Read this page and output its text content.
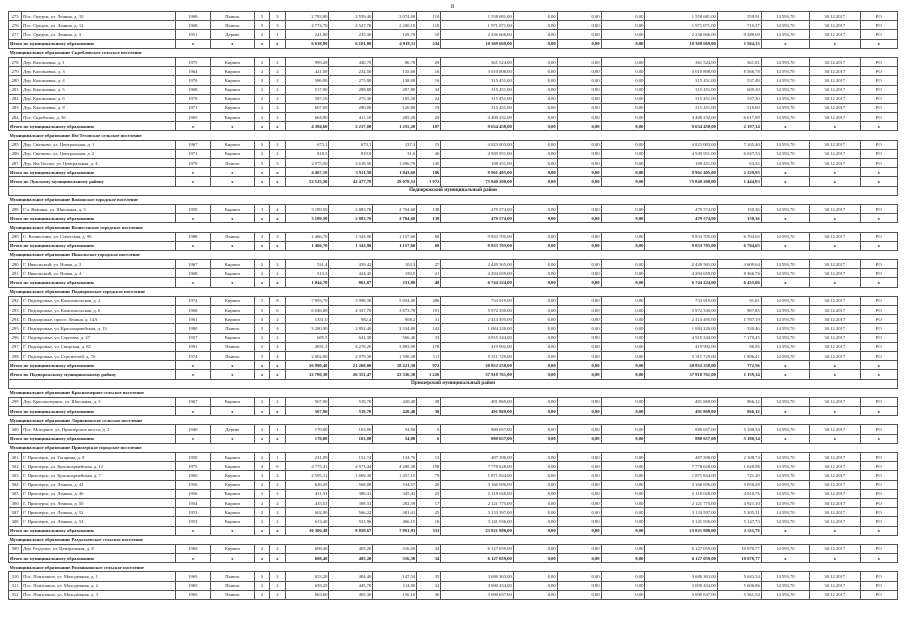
8
275	Пос. Оредеж, ул. Ленина, д. 10	1968	Панель	5	3	2 783,80	2 559,40	2 074,00	110	1 558 681,00	0,00	0,00	0,00	1 558 681,00	559,91	14 593,70	30.12.2017	РО
276	Пос. Оредеж, ул. Ленина, д. 12	1968	Панель	5	3	2 774,70	2 547,70	2 200,10	110	1 971 071,00	0,00	0,00	0,00	1 971 071,00	710,37	14 593,70	30.12.2017	РО
277	Пос. Оредеж, ул. Ленина, д. 3	1951	Дерево	2	1	241,00	235,30	129,70	10	2 236 666,00	0,00	0,00	0,00	2 236 666,00	9 280,69	14 593,70	30.12.2017	РО
Итого по муниципальному образованию		x	x	x	x	6 638,80	6 101,00	4 918,11	234	10 369 669,00	0,00	0,00	0,00	10 369 669,00	1 564,33	x	x	x
Муниципальное образование Скребловское сельское поселение																		
278	Дер. Калгановка, д. 1	1975	Кирпич	2	2	999,20	440,70	86,70	29	361 524,00	0,00	0,00	0,00	361 524,00	361,81	14 593,70	30.12.2017	РО
279	Дер. Калгановка, д. 3	1964	Кирпич	2	2	421,50	234,50	135,60	16	3 610 898,00	0,00	0,00	0,00	3 610 898,00	8 566,78	14 593,70	30.12.2017	РО
280	Дер. Калгановка, д. 4	1970	Кирпич	2	2	586,90	275,90	138,00	16	315 451,00	0,00	0,00	0,00	315 451,00	537,49	14 593,70	30.12.2017	РО
281	Дер. Калгановка, д. 5	1968	Кирпич	2	2	517,90	288,80	297,80	34	315 451,00	0,00	0,00	0,00	315 451,00	609,10	14 593,70	30.12.2017	РО
282	Дер. Калгановка, д. 6	1970	Кирпич	2	2	587,10	275,30	185,50	24	315 451,00	0,00	0,00	0,00	315 451,00	537,30	14 593,70	30.12.2017	РО
283	Дер. Калгановка, д. 8	1971	Кирпич	2	2	607,00	290,00	126,80	19	315 451,00	0,00	0,00	0,00	315 451,00	519,69	14 593,70	30.12.2017	РО
284	Пос. Скреблово, д. 36	1965	Кирпич	2	2	664,90	411,10	285,20	29	4 400 232,00	0,00	0,00	0,00	4 400 232,00	6 617,89	14 593,70	30.12.2017	РО
Итого по муниципальному образованию		x	x	x	x	4 384,60	2 237,00	1 255,20	187	9 634 458,00	0,00	0,00	0,00	9 634 458,00	2 197,34	x	x	x
Муниципальное образование Ям-Тесовское сельское поселение																		
285	Дер. Сватково, ул. Центральная, д. 1	1967	Кирпич	2	2	673,1	673,1	137,3	15	4 823 003,00	0,00	0,00	0,00	4 823 003,00	7 165,40	14 593,70	30.12.2017	РО
286	Дер. Сватково, ул. Центральная, д. 2	1971	Кирпич	2	2	818,5	819,9	31,6	26	4 949 951,00	0,00	0,00	0,00	4 949 951,00	6 047,53	14 593,70	30.12.2017	РО
287	Дер. Ям-Тесово, ул. Центральная, д. 4	1970	Панель	5	3	2 975,50	2 618,50	1 696,70	145	188 451,00	0,00	0,00	0,00	188 451,00	63,32	14 593,70	30.12.2017	РО
Итого по муниципальному образованию		x	x	x	x	4 467,10	3 911,50	1 843,60	186	9 961 405,00	0,00	0,00	0,00	9 961 405,00	2 229,95	x	x	x
Итого по Лужскому муниципальному району		x	x	x	x	52 525,20	42 477,78	29 078,52	1 972	75 840 200,00	0,00	0,00	0,00	75 840 200,00	1 444,03	x	x	x
Подпорожский муниципальный район																		
Муниципальное образование Важинское городское поселение																		
288	Г.п. Важины, ул. Школьная, д. 3	1959	Кирпич	3	4	3 189,50	2 883,70	2 704,60	138	479 574,00	0,00	0,00	0,00	479 574,00	150,36	14 593,70	30.12.2017	РО
Итого по муниципальному образованию		x	x	x	x	3 189,50	2 883,70	2 704,60	138	479 574,00	0,00	0,00	0,00	479 574,00	150,36	x	x	x
Муниципальное образование Вознесенское городское поселение																		
289	С. Вознесенье, ул. Советская, д. 96	1988	Панель	3	3	1 466,70	1 343,90	1 157,60	68	9 833 705,00	0,00	0,00	0,00	9 833 705,00	6 704,65	14 593,70	30.12.2017	РО
Итого по муниципальному образованию		x	x	x	x	1 466,70	1 343,90	1 157,60	68	9 833 705,00	0,00	0,00	0,00	9 833 705,00	6 704,65	x	x	x
Муниципальное образование Никольское городское поселение																		
290	Г. Никольский, ул. Новая, д. 2	1967	Кирпич	2	2	531,4	439,42	103,3	27	2 449 565,00	0,00	0,00	0,00	2 449 565,00	4 609,64	14 593,70	30.12.2017	РО
291	Г. Никольский, ул. Новая, д. 4	1968	Кирпич	2	2	513,3	424,45	150,5	21	4 294 659,00	0,00	0,00	0,00	4 294 659,00	8 366,76	14 593,70	30.12.2017	РО
Итого по муниципальному образованию		x	x	x	x	1 044,70	863,87	253,80	48	6 744 224,00	0,00	0,00	0,00	6 744 224,00	6 455,66	x	x	x
Муниципальное образование Подпорожское городское поселение																		
292	Г. Подпорожье, ул. Комсомольская, д. 2	1972	Кирпич	5	8	7 993,70	5 998,30	5 054,00	286	733 919,00	0,00	0,00	0,00	733 919,00	91,81	14 593,70	30.12.2017	РО
293	Г. Подпорожье, ул. Комсомольская, д. 6	1968	Кирпич	5	6	6 046,00	4 357,70	3 873,70	191	5 972 330,00	0,00	0,00	0,00	5 972 330,00	987,83	14 593,70	30.12.2017	РО
294	Г. Подпорожье, просп. Ленина, д. 14А	1961	Кирпич	3	2	1351,0	982,4	908,2	31	2 414 495,00	0,00	0,00	0,00	2 414 495,00	1 787,19	14 593,70	30.12.2017	РО
295	Г. Подпорожье, ул. Красноармейская, д. 13	1980	Панель	5	4	3 280,90	2 892,40	2 334,80	142	1 084 220,00	0,00	0,00	0,00	1 084 220,00	330,46	14 593,70	30.12.2017	РО
296	Г. Подпорожье, ул. Сергеева, д. 27	1957	Кирпич	2	2	685,5	641,30	566,40	33	4 915 344,00	0,00	0,00	0,00	4 915 344,00	7 170,45	14 593,70	30.12.2017	РО
297	Г. Подпорожье, ул. Свирская, д. 82	1991	Панель	5	4	4831,5	4 278,20	3 893,90	178	419 992,00	0,00	0,00	0,00	419 992,00	86,93	14 593,70	30.12.2017	РО
298	Г. Подпорожье, ул. Строителей, д. 76	1974	Панель	5	4	2 802,00	2 079,30	1 590,30	111	5 311 729,00	0,00	0,00	0,00	5 311 729,00	1 896,41	14 593,70	30.12.2017	РО
Итого по муниципальному образованию		x	x	x	x	26 990,40	21 260,00	18 221,30	972	20 852 258,00	0,00	0,00	0,00	20 852 258,00	772,56	x	x	x
Итого по Подпорожскому муниципальному району		x	x	x	x	32 700,30	26 351,47	22 336,30	1 226	37 910 761,00	0,00	0,00	0,00	37 910 761,00	1 159,34	x	x	x
Приозерский муниципальный район																		
Муниципальное образование Красноозерное сельское поселение																		
299	Дер. Красноозерное, ул. Школьная, д. 3	1967	Кирпич	2	2	567,90	519,70	420,40	38	491 869,00	0,00	0,00	0,00	491 869,00	866,12	14 593,70	30.12.2017	РО
Итого по муниципальному образованию		x	x	x	x	567,90	519,70	420,40	38	491 869,00	0,00	0,00	0,00	491 869,00	866,12	x	x	x
Муниципальное образование Ларионовское сельское поселение																		
300	Пос. Моторное, ул. Приозёрское шоссе, д. 2	1940	Дерево	2	1	170,00	163,00	54,00	6	880 657,00	0,00	0,00	0,00	880 657,00	5 180,34	14 593,70	30.12.2017	РО
Итого по муниципальному образованию		x	x	x	x	170,00	163,00	54,00	6	880 657,00	0,00	0,00	0,00	880 657,00	5 180,34	x	x	x
Муниципальное образование Приозерское городское поселение																		
301	Г. Приозерск, ул. Гагарина, д. 9	1950	Кирпич	2	1	231,09	152,74	124,76	13	487 390,00	0,00	0,00	0,00	487 390,00	2 108,74	14 593,70	30.12.2017	РО
302	Г. Приозерск, ул. Красноармейская, д. 12	1975	Кирпич	4	6	4 775,41	4 573,44	4 288,38	198	7 778 628,00	0,00	0,00	0,00	7 778 628,00	1 628,98	14 593,70	30.12.2017	РО
303	Г. Приозерск, ул. Красноармейская, д. 7	1960	Кирпич	3	2	2 595,12	1 669,30	1 457,15	79	1 871 834,00	0,00	0,00	0,00	1 871 834,00	721,29	14 593,70	30.12.2017	РО
304	Г. Приозерск, ул. Ленина, д. 44	1956	Кирпич	2	2	626,29	568,08	534,57	20	3 166 696,00	0,00	0,00	0,00	3 166 696,00	5 056,28	14 593,70	30.12.2017	РО
305	Г. Приозерск, ул. Ленина, д. 46	1956	Кирпич	2	2	431,31	388,41	345,42	25	2 118 028,00	0,00	0,00	0,00	2 118 028,00	4 910,76	14 593,70	30.12.2017	РО
306	Г. Приозерск, ул. Ленина, д. 50	1954	Кирпич	2	2	435,53	388,31	282,39	17	2 121 775,00	0,00	0,00	0,00	2 121 775,00	4 921,10	14 593,70	30.12.2017	РО
307	Г. Приозерск, ул. Ленина, д. 52	1953	Кирпич	2	2	602,00	566,22	401,41	25	3 133 597,00	0,00	0,00	0,00	3 133 597,00	5 205,31	14 593,70	30.12.2017	РО
308	Г. Приозерск, ул. Ленина, д. 54	1953	Кирпич	2	2	613,40	531,96	466,15	16	3 141 936,00	0,00	0,00	0,00	3 141 936,00	5 147,73	14 593,70	30.12.2017	РО
Итого по муниципальному образованию		x	x	x	x	10 306,48	8 858,67	7 891,93	333	23 821 800,00	0,00	0,00	0,00	23 821 800,00	2 311,79	x	x	x
Муниципальное образование Раздольевское сельское поселение																		
309	Дер. Раздолье, ул. Центральная, д. 8	1969	Кирпич	2	2	608,40	405,20	316,50	34	6 127 059,00	0,00	0,00	0,00	6 127 059,00	10 070,77	14 593,70	30.12.2017	РО
Итого по муниципальному образованию		x	x	x	x	608,40	405,20	316,50	34	6 127 059,00	0,00	0,00	0,00	6 127 059,00	10 070,77	x	x	x
Муниципальное образование Ромашкинское сельское поселение																		
310	Пос. Понтонное, ул. Молодежная, д. 1	1965	Панель	2	2	653,20	404,40	147,34	35	3 686 363,00	0,00	0,00	0,00	3 686 363,00	5 643,54	14 593,70	30.12.2017	РО
311	Пос. Понтонное, ул. Молодежная, д. 2	1965	Панель	2	2	658,20	445,70	114,00	32	3 690 434,00	0,00	0,00	0,00	3 690 434,00	5 606,86	14 593,70	30.12.2017	РО
312	Пос. Понтонное, ул. Молодежная, д. 3	1965	Панель	2	2	663,60	405,30	150,10	36	3 690 637,00	0,00	0,00	0,00	3 690 637,00	5 561,54	14 593,70	30.12.2017	РО
